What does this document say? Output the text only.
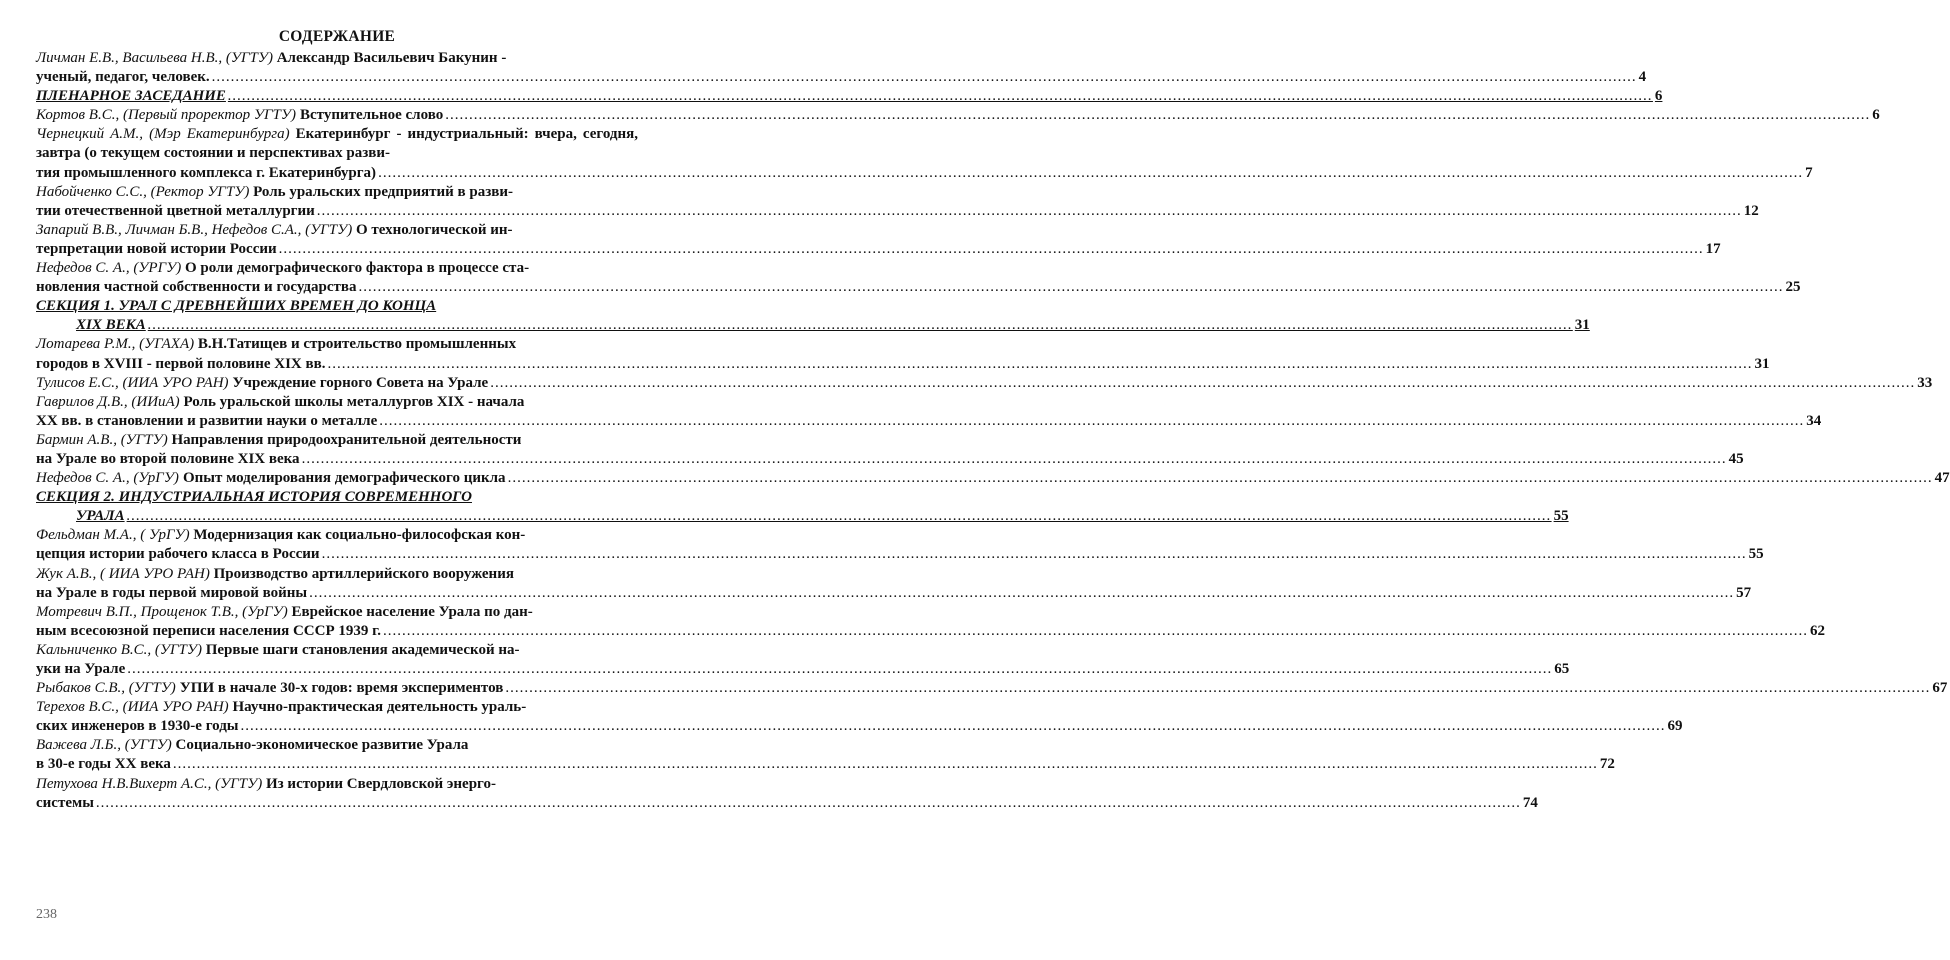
СОДЕРЖАНИЕ
Личман Е.В., Васильева Н.В., (УГТУ) Александр Васильевич Бакунин -
ученый, педагог, человек. ............................................................................................................................................................................................................................................................................................................ 4
ПЛЕНАРНОЕ ЗАСЕДАНИЕ ............................................................................................................................................................................................................................................................................................................ 6
Кортов В.С., (Первый проректор УГТУ) Вступительное слово ............................................................................................................................................................................................................................................................................................................ 6
Чернецкий А.М., (Мэр Екатеринбурга) Екатеринбург - индустриальный: вчера, сегодня, завтра (о текущем состоянии и перспективах разви-
тия промышленного комплекса г. Екатеринбурга) ............................................................................................................................................................................................................................................................................................................ 7
Набойченко С.С., (Ректор УГТУ) Роль уральских предприятий в разви-
тии отечественной цветной металлургии ............................................................................................................................................................................................................................................................................................................ 12
Запарий В.В., Личман Б.В., Нефедов С.А., (УГТУ) О технологической ин-
терпретации новой истории России ............................................................................................................................................................................................................................................................................................................ 17
Нефедов С. А., (УРГУ) О роли демографического фактора в процессе ста-
новления частной собственности и государства ............................................................................................................................................................................................................................................................................................................ 25
СЕКЦИЯ 1. УРАЛ С ДРЕВНЕЙШИХ ВРЕМЕН ДО КОНЦА
XIX ВЕКА ............................................................................................................................................................................................................................................................................................................ 31
Лотарева Р.М., (УГАХА) В.Н.Татищев и строительство промышленных
городов в XVIII - первой половине XIX вв. ............................................................................................................................................................................................................................................................................................................ 31
Тулисов Е.С., (ИИА УРО РАН) Учреждение горного Совета на Урале ............................................................................................................................................................................................................................................................................................................ 33
Гаврилов Д.В., (ИИиА) Роль уральской школы металлургов XIX - начала
XX вв. в становлении и развитии науки о металле ............................................................................................................................................................................................................................................................................................................ 34
Бармин А.В., (УГТУ) Направления природоохранительной деятельности
на Урале во второй половине XIX века ............................................................................................................................................................................................................................................................................................................ 45
Нефедов С. А., (УрГУ) Опыт моделирования демографического цикла ............................................................................................................................................................................................................................................................................................................ 47
СЕКЦИЯ 2. ИНДУСТРИАЛЬНАЯ ИСТОРИЯ СОВРЕМЕННОГО
УРАЛА ............................................................................................................................................................................................................................................................................................................ 55
Фельдман М.А., ( УрГУ) Модернизация как социально-философская кон-
цепция истории рабочего класса в России ............................................................................................................................................................................................................................................................................................................ 55
Жук А.В., ( ИИА УРО РАН) Производство артиллерийского вооружения
на Урале в годы первой мировой войны ............................................................................................................................................................................................................................................................................................................ 57
Мотревич В.П., Прощенок Т.В., (УрГУ) Еврейское население Урала по дан-
ным всесоюзной переписи населения СССР 1939 г. ............................................................................................................................................................................................................................................................................................................ 62
Кальниченко В.С., (УГТУ) Первые шаги становления академической на-
уки на Урале ............................................................................................................................................................................................................................................................................................................ 65
Рыбаков С.В., (УГТУ) УПИ в начале 30-х годов: время экспериментов ............................................................................................................................................................................................................................................................................................................ 67
Терехов В.С., (ИИА УРО РАН) Научно-практическая деятельность ураль-
ских инженеров в 1930-е годы ............................................................................................................................................................................................................................................................................................................ 69
Важева Л.Б., (УГТУ) Социально-экономическое развитие Урала
в 30-е годы XX века ............................................................................................................................................................................................................................................................................................................ 72
Петухова Н.В.Вихерт А.С., (УГТУ) Из истории Свердловской энерго-
системы ............................................................................................................................................................................................................................................................................................................ 74
238
